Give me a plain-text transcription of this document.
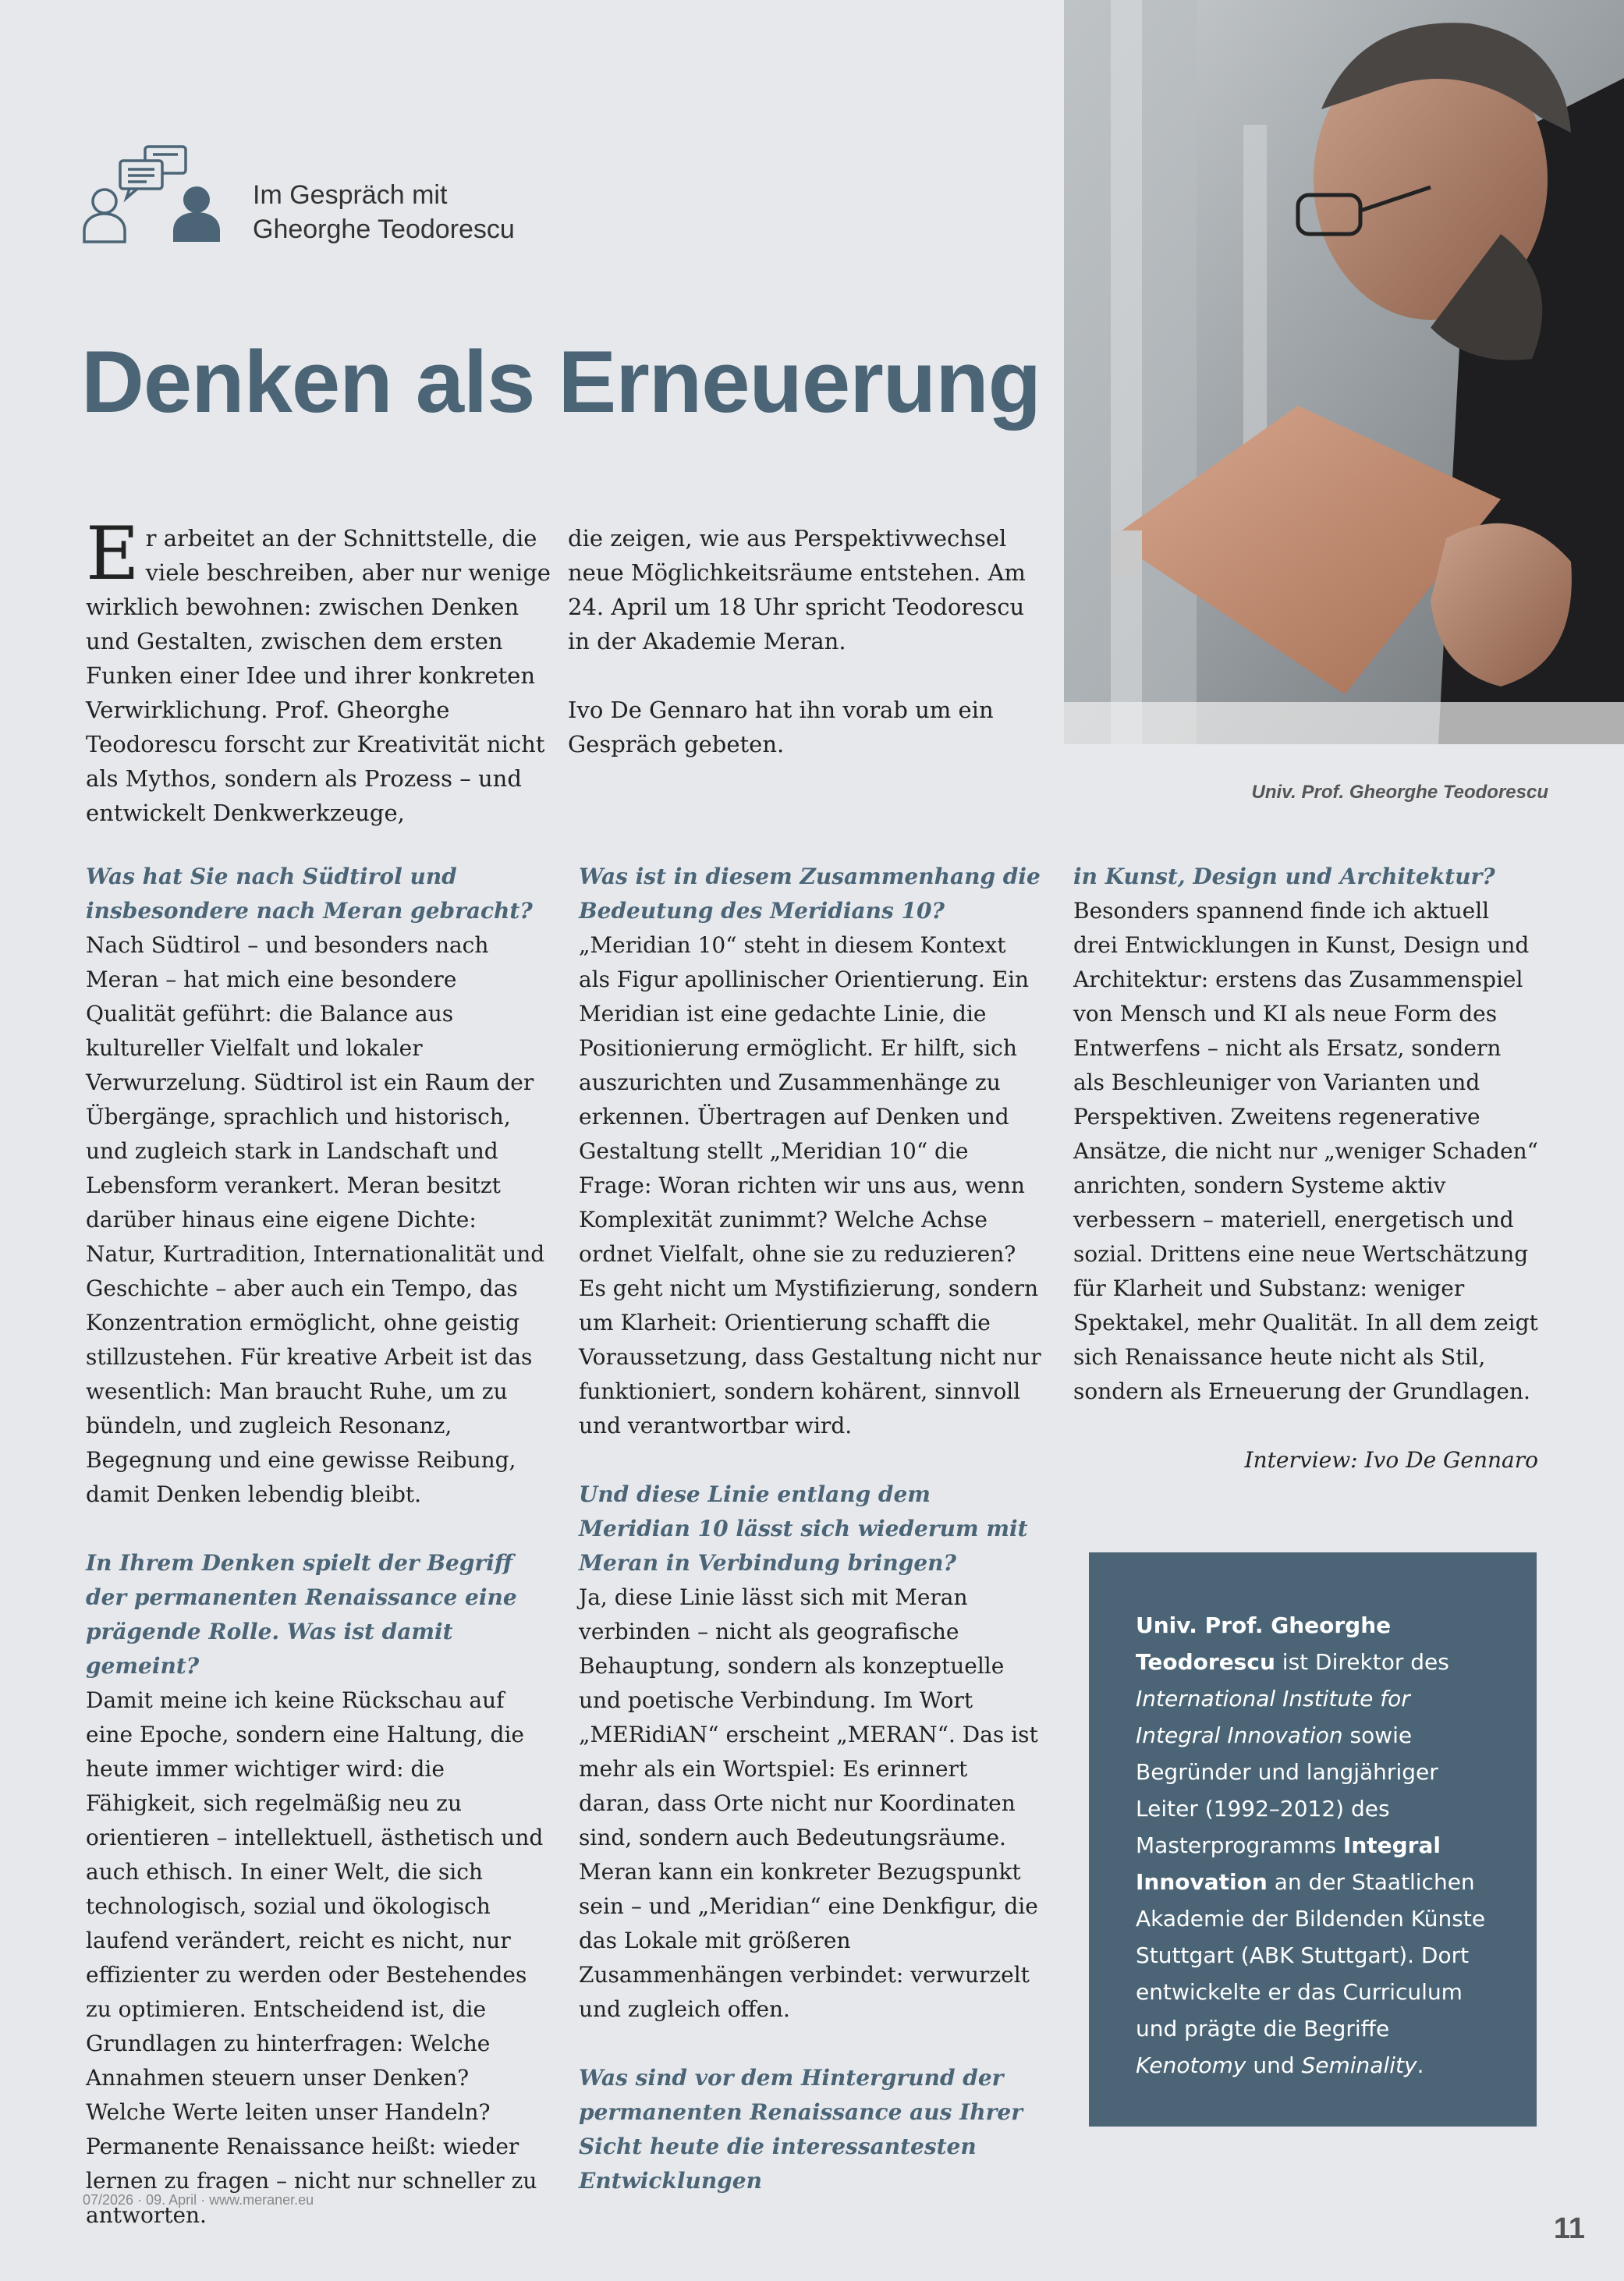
Im Gespräch mit
Gheorghe Teodorescu
Denken als Erneuerung
Univ. Prof. Gheorghe Teodorescu
Er arbeitet an der Schnittstelle, die viele beschreiben, aber nur wenige wirklich bewohnen: zwischen Denken und Gestalten, zwischen dem ersten Funken einer Idee und ihrer konkreten Verwirklichung. Prof. Gheorghe Teodorescu forscht zur Kreativität nicht als Mythos, sondern als Prozess – und entwickelt Denkwerkzeuge,
die zeigen, wie aus Perspektivwechsel neue Möglichkeitsräume entstehen. Am 24. April um 18 Uhr spricht Teodorescu in der Akademie Meran.
Ivo De Gennaro hat ihn vorab um ein Gespräch gebeten.
Was hat Sie nach Südtirol und insbesondere nach Meran gebracht?
Nach Südtirol – und besonders nach Meran – hat mich eine besondere Qualität geführt: die Balance aus kultureller Vielfalt und lokaler Verwurzelung. Südtirol ist ein Raum der Übergänge, sprachlich und historisch, und zugleich stark in Landschaft und Lebensform verankert. Meran besitzt darüber hinaus eine eigene Dichte: Natur, Kurtradition, Internationalität und Geschichte – aber auch ein Tempo, das Konzentration ermöglicht, ohne geistig stillzustehen. Für kreative Arbeit ist das wesentlich: Man braucht Ruhe, um zu bündeln, und zugleich Resonanz, Begegnung und eine gewisse Reibung, damit Denken lebendig bleibt.
In Ihrem Denken spielt der Begriff der permanenten Renaissance eine prägende Rolle. Was ist damit gemeint?
Damit meine ich keine Rückschau auf eine Epoche, sondern eine Haltung, die heute immer wichtiger wird: die Fähigkeit, sich regelmäßig neu zu orientieren – intellektuell, ästhetisch und auch ethisch. In einer Welt, die sich technologisch, sozial und ökologisch laufend verändert, reicht es nicht, nur effizienter zu werden oder Bestehendes zu optimieren. Entscheidend ist, die Grundlagen zu hinterfragen: Welche Annahmen steuern unser Denken? Welche Werte leiten unser Handeln? Permanente Renaissance heißt: wieder lernen zu fragen – nicht nur schneller zu antworten.
Was ist in diesem Zusammenhang die Bedeutung des Meridians 10?
„Meridian 10“ steht in diesem Kontext als Figur apollinischer Orientierung. Ein Meridian ist eine gedachte Linie, die Positionierung ermöglicht. Er hilft, sich auszurichten und Zusammenhänge zu erkennen. Übertragen auf Denken und Gestaltung stellt „Meridian 10“ die Frage: Woran richten wir uns aus, wenn Komplexität zunimmt? Welche Achse ordnet Vielfalt, ohne sie zu reduzieren? Es geht nicht um Mystifizierung, sondern um Klarheit: Orientierung schafft die Voraussetzung, dass Gestaltung nicht nur funktioniert, sondern kohärent, sinnvoll und verantwortbar wird.
Und diese Linie entlang dem Meridian 10 lässt sich wiederum mit Meran in Verbindung bringen?
Ja, diese Linie lässt sich mit Meran verbinden – nicht als geografische Behauptung, sondern als konzeptuelle und poetische Verbindung. Im Wort „MERidiAN“ erscheint „MERAN“. Das ist mehr als ein Wortspiel: Es erinnert daran, dass Orte nicht nur Koordinaten sind, sondern auch Bedeutungsräume. Meran kann ein konkreter Bezugspunkt sein – und „Meridian“ eine Denkfigur, die das Lokale mit größeren Zusammenhängen verbindet: verwurzelt und zugleich offen.
Was sind vor dem Hintergrund der permanenten Renaissance aus Ihrer Sicht heute die interessantesten Entwicklungen
in Kunst, Design und Architektur?
Besonders spannend finde ich aktuell drei Entwicklungen in Kunst, Design und Architektur: erstens das Zusammenspiel von Mensch und KI als neue Form des Entwerfens – nicht als Ersatz, sondern als Beschleuniger von Varianten und Perspektiven. Zweitens regenerative Ansätze, die nicht nur „weniger Schaden“ anrichten, sondern Systeme aktiv verbessern – materiell, energetisch und sozial. Drittens eine neue Wertschätzung für Klarheit und Substanz: weniger Spektakel, mehr Qualität. In all dem zeigt sich Renaissance heute nicht als Stil, sondern als Erneuerung der Grundlagen.
Interview: Ivo De Gennaro

Univ. Prof. Gheorghe Teodorescu ist Direktor des International Institute for Integral Innovation sowie Begründer und langjähriger Leiter (1992–2012) des Masterprogramms Integral Innovation an der Staatlichen Akademie der Bildenden Künste Stuttgart (ABK Stuttgart). Dort entwickelte er das Curriculum und prägte die Begriffe Kenotomy und Seminality.

07/2026 · 09. April · www.meraner.eu
11
